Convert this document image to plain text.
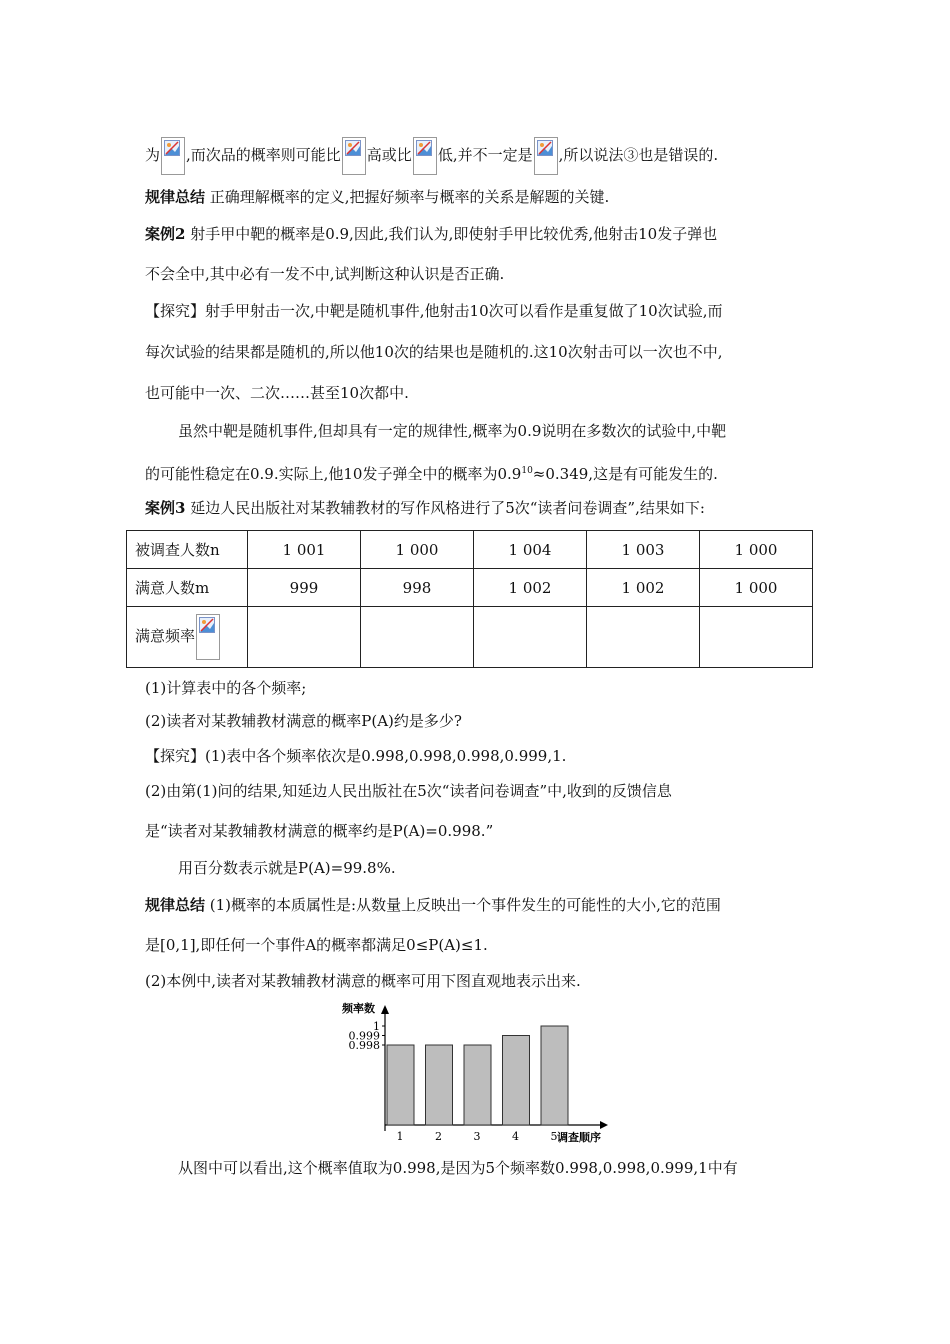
为 ,而次品的概率则可能比 高或比 低,并不一定是 ,所以说法③也是错误的.
规律总结 正确理解概率的定义,把握好频率与概率的关系是解题的关键.
案例2 射手甲中靶的概率是0.9,因此,我们认为,即使射手甲比较优秀,他射击10发子弹也
不会全中,其中必有一发不中,试判断这种认识是否正确.
【探究】射手甲射击一次,中靶是随机事件,他射击10次可以看作是重复做了10次试验,而
每次试验的结果都是随机的,所以他10次的结果也是随机的.这10次射击可以一次也不中,
也可能中一次、二次……甚至10次都中.
虽然中靶是随机事件,但却具有一定的规律性,概率为0.9说明在多数次的试验中,中靶
的可能性稳定在0.9.实际上,他10发子弹全中的概率为$0.9^{10}\approx 0.349$,这是有可能发生的.
案例3 延边人民出版社对某教辅教材的写作风格进行了5次“读者问卷调查”,结果如下:
被调查人数n	1 001	1 000	1 004	1 003	1 000
满意人数m	999	998	1 002	1 002	1 000
满意频率

(1)计算表中的各个频率;
(2)读者对某教辅教材满意的概率P(A)约是多少?
【探究】(1)表中各个频率依次是0.998,0.998,0.998,0.999,1.
(2)由第(1)问的结果,知延边人民出版社在5次“读者问卷调查”中,收到的反馈信息
是“读者对某教辅教材满意的概率约是P(A)=0.998.”
用百分数表示就是P(A)=99.8%.
规律总结 (1)概率的本质属性是:从数量上反映出一个事件发生的可能性的大小,它的范围
是[0,1],即任何一个事件A的概率都满足0≤P(A)≤1.
(2)本例中,读者对某教辅教材满意的概率可用下图直观地表示出来.
1	2	3	4	5
1
0.999
0.998
频率数
调查顺序
从图中可以看出,这个概率值取为0.998,是因为5个频率数0.998,0.998,0.999,1中有
